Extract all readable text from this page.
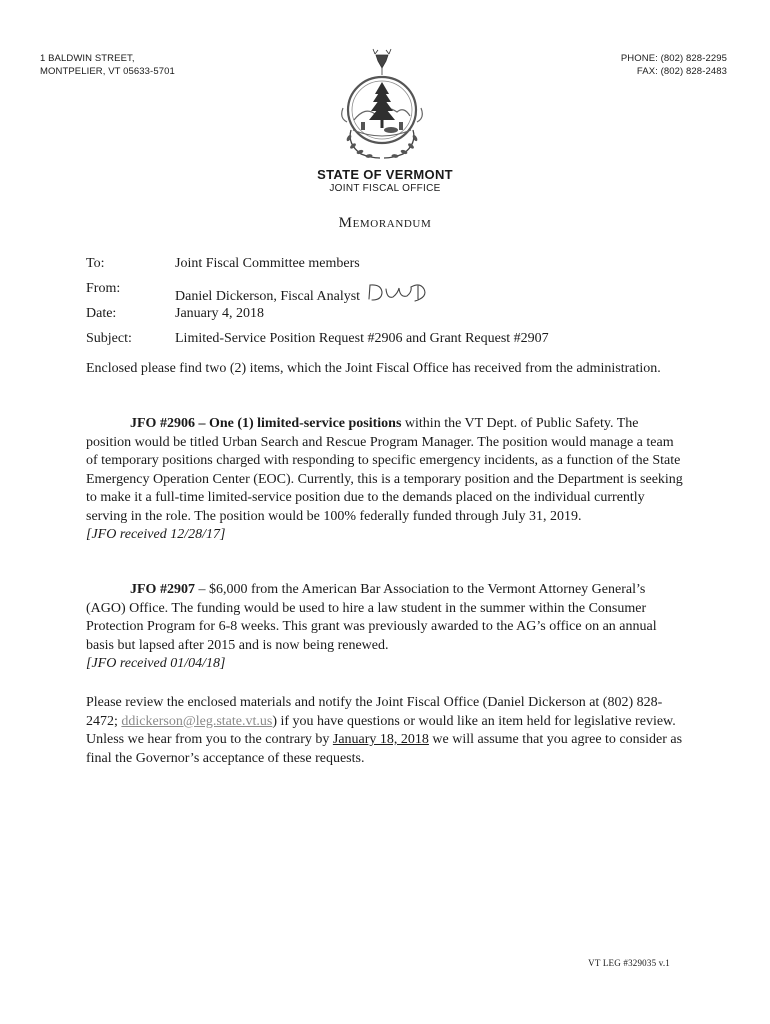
1 BALDWIN STREET,
MONTPELIER, VT 05633-5701
PHONE: (802) 828-2295
FAX: (802) 828-2483
STATE OF VERMONT
JOINT FISCAL OFFICE
Memorandum
To:	Joint Fiscal Committee members
From:
Daniel Dickerson, Fiscal Analyst
Date:	January 4, 2018
Subject:	Limited-Service Position Request #2906 and Grant Request #2907
Enclosed please find two (2) items, which the Joint Fiscal Office has received from the administration.
JFO #2906 – One (1) limited-service positions within the VT Dept. of Public Safety. The position would be titled Urban Search and Rescue Program Manager. The position would manage a team of temporary positions charged with responding to specific emergency incidents, as a function of the State Emergency Operation Center (EOC). Currently, this is a temporary position and the Department is seeking to make it a full-time limited-service position due to the demands placed on the individual currently serving in the role. The position would be 100% federally funded through July 31, 2019.
[JFO received 12/28/17]
JFO #2907 – $6,000 from the American Bar Association to the Vermont Attorney General’s (AGO) Office. The funding would be used to hire a law student in the summer within the Consumer Protection Program for 6-8 weeks. This grant was previously awarded to the AG’s office on an annual basis but lapsed after 2015 and is now being renewed.
[JFO received 01/04/18]
Please review the enclosed materials and notify the Joint Fiscal Office (Daniel Dickerson at (802) 828-2472; ddickerson@leg.state.vt.us) if you have questions or would like an item held for legislative review. Unless we hear from you to the contrary by January 18, 2018 we will assume that you agree to consider as final the Governor’s acceptance of these requests.
VT LEG #329035 v.1
